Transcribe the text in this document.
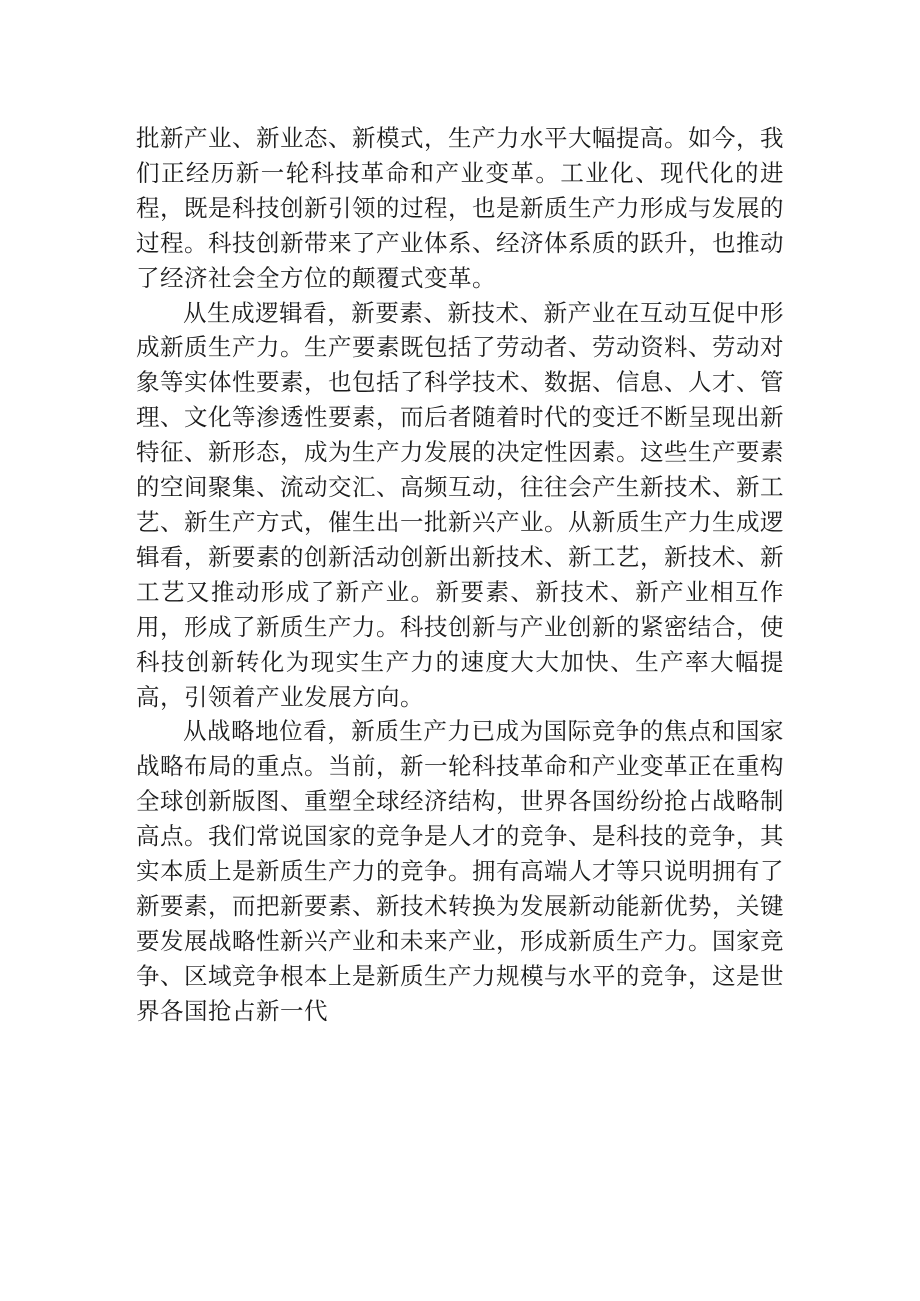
批新产业、新业态、新模式，生产力水平大幅提高。如今，我们正经历新一轮科技革命和产业变革。工业化、现代化的进程，既是科技创新引领的过程，也是新质生产力形成与发展的过程。科技创新带来了产业体系、经济体系质的跃升，也推动了经济社会全方位的颠覆式变革。

从生成逻辑看，新要素、新技术、新产业在互动互促中形成新质生产力。生产要素既包括了劳动者、劳动资料、劳动对象等实体性要素，也包括了科学技术、数据、信息、人才、管理、文化等渗透性要素，而后者随着时代的变迁不断呈现出新特征、新形态，成为生产力发展的决定性因素。这些生产要素的空间聚集、流动交汇、高频互动，往往会产生新技术、新工艺、新生产方式，催生出一批新兴产业。从新质生产力生成逻辑看，新要素的创新活动创新出新技术、新工艺，新技术、新工艺又推动形成了新产业。新要素、新技术、新产业相互作用，形成了新质生产力。科技创新与产业创新的紧密结合，使科技创新转化为现实生产力的速度大大加快、生产率大幅提高，引领着产业发展方向。

从战略地位看，新质生产力已成为国际竞争的焦点和国家战略布局的重点。当前，新一轮科技革命和产业变革正在重构全球创新版图、重塑全球经济结构，世界各国纷纷抢占战略制高点。我们常说国家的竞争是人才的竞争、是科技的竞争，其实本质上是新质生产力的竞争。拥有高端人才等只说明拥有了新要素，而把新要素、新技术转换为发展新动能新优势，关键要发展战略性新兴产业和未来产业，形成新质生产力。国家竞争、区域竞争根本上是新质生产力规模与水平的竞争，这是世界各国抢占新一代
